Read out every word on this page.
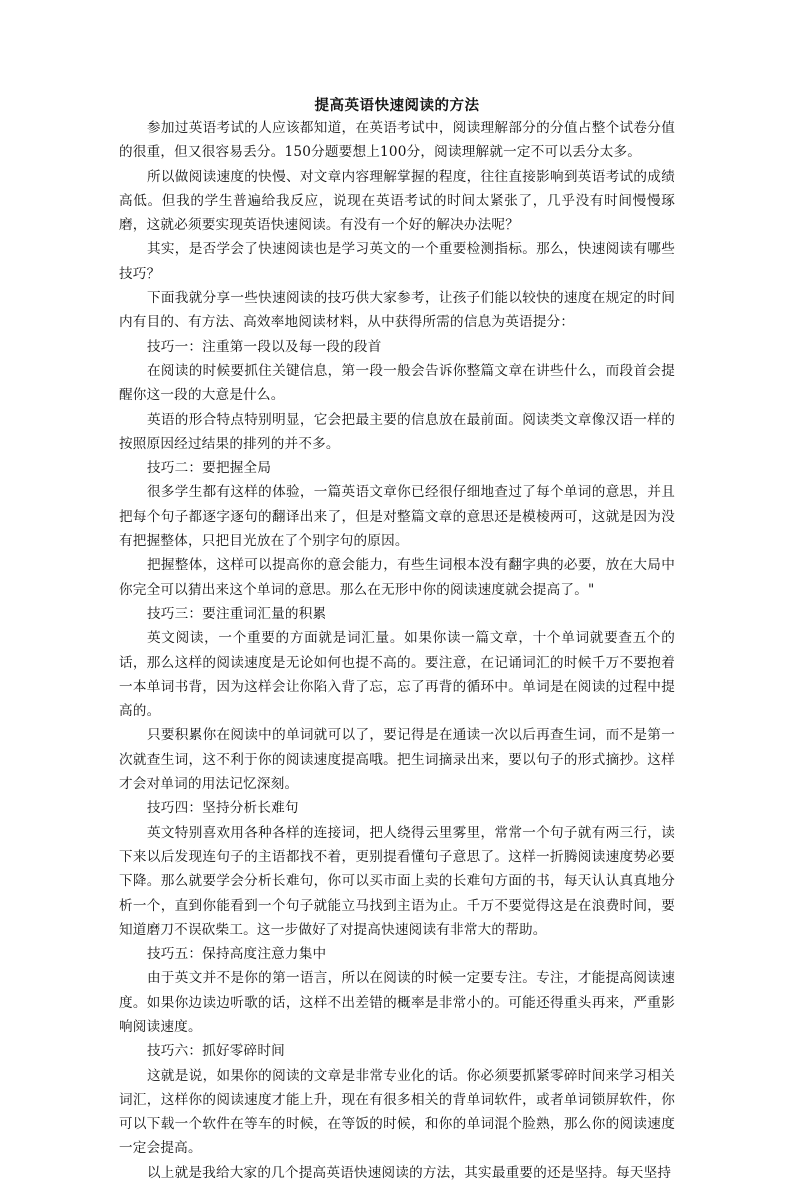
提高英语快速阅读的方法

参加过英语考试的人应该都知道，在英语考试中，阅读理解部分的分值占整个试卷分值的很重，但又很容易丢分。150分题要想上100分，阅读理解就一定不可以丢分太多。

所以做阅读速度的快慢、对文章内容理解掌握的程度，往往直接影响到英语考试的成绩高低。但我的学生普遍给我反应，说现在英语考试的时间太紧张了，几乎没有时间慢慢琢磨，这就必须要实现英语快速阅读。有没有一个好的解决办法呢？

其实，是否学会了快速阅读也是学习英文的一个重要检测指标。那么，快速阅读有哪些技巧？

下面我就分享一些快速阅读的技巧供大家参考，让孩子们能以较快的速度在规定的时间内有目的、有方法、高效率地阅读材料，从中获得所需的信息为英语提分：

技巧一：注重第一段以及每一段的段首

在阅读的时候要抓住关键信息，第一段一般会告诉你整篇文章在讲些什么，而段首会提醒你这一段的大意是什么。

英语的形合特点特别明显，它会把最主要的信息放在最前面。阅读类文章像汉语一样的按照原因经过结果的排列的并不多。

技巧二：要把握全局

很多学生都有这样的体验，一篇英语文章你已经很仔细地查过了每个单词的意思，并且把每个句子都逐字逐句的翻译出来了，但是对整篇文章的意思还是模棱两可，这就是因为没有把握整体，只把目光放在了个别字句的原因。

把握整体，这样可以提高你的意会能力，有些生词根本没有翻字典的必要，放在大局中你完全可以猜出来这个单词的意思。那么在无形中你的阅读速度就会提高了。"

技巧三：要注重词汇量的积累

英文阅读，一个重要的方面就是词汇量。如果你读一篇文章，十个单词就要查五个的话，那么这样的阅读速度是无论如何也提不高的。要注意，在记诵词汇的时候千万不要抱着一本单词书背，因为这样会让你陷入背了忘，忘了再背的循环中。单词是在阅读的过程中提高的。

只要积累你在阅读中的单词就可以了，要记得是在通读一次以后再查生词，而不是第一次就查生词，这不利于你的阅读速度提高哦。把生词摘录出来，要以句子的形式摘抄。这样才会对单词的用法记忆深刻。

技巧四：坚持分析长难句

英文特别喜欢用各种各样的连接词，把人绕得云里雾里，常常一个句子就有两三行，读下来以后发现连句子的主语都找不着，更别提看懂句子意思了。这样一折腾阅读速度势必要下降。那么就要学会分析长难句，你可以买市面上卖的长难句方面的书，每天认认真真地分析一个，直到你能看到一个句子就能立马找到主语为止。千万不要觉得这是在浪费时间，要知道磨刀不误砍柴工。这一步做好了对提高快速阅读有非常大的帮助。

技巧五：保持高度注意力集中

由于英文并不是你的第一语言，所以在阅读的时候一定要专注。专注，才能提高阅读速度。如果你边读边听歌的话，这样不出差错的概率是非常小的。可能还得重头再来，严重影响阅读速度。

技巧六：抓好零碎时间

这就是说，如果你的阅读的文章是非常专业化的话。你必须要抓紧零碎时间来学习相关词汇，这样你的阅读速度才能上升，现在有很多相关的背单词软件，或者单词锁屏软件，你可以下载一个软件在等车的时候，在等饭的时候，和你的单词混个脸熟，那么你的阅读速度一定会提高。

以上就是我给大家的几个提高英语快速阅读的方法，其实最重要的还是坚持。每天坚持
